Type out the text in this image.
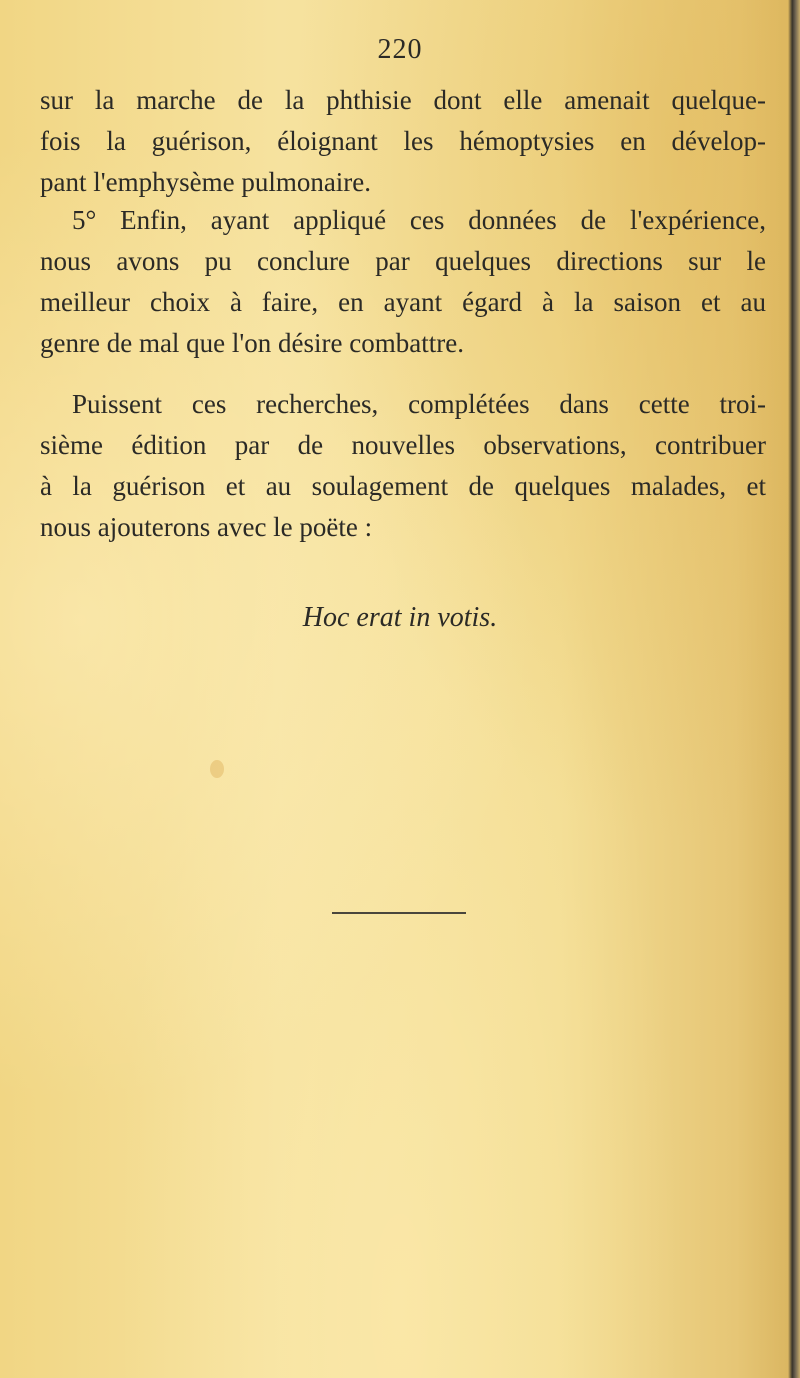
220

sur la marche de la phthisie dont elle amenait quelque-
fois la guérison, éloignant les hémoptysies en dévelop-
pant l'emphysème pulmonaire.

5° Enfin, ayant appliqué ces données de l'expérience,
nous avons pu conclure par quelques directions sur le
meilleur choix à faire, en ayant égard à la saison et au
genre de mal que l'on désire combattre.

Puissent ces recherches, complétées dans cette troi-
sième édition par de nouvelles observations, contribuer
à la guérison et au soulagement de quelques malades, et
nous ajouterons avec le poëte :

Hoc erat in votis.
